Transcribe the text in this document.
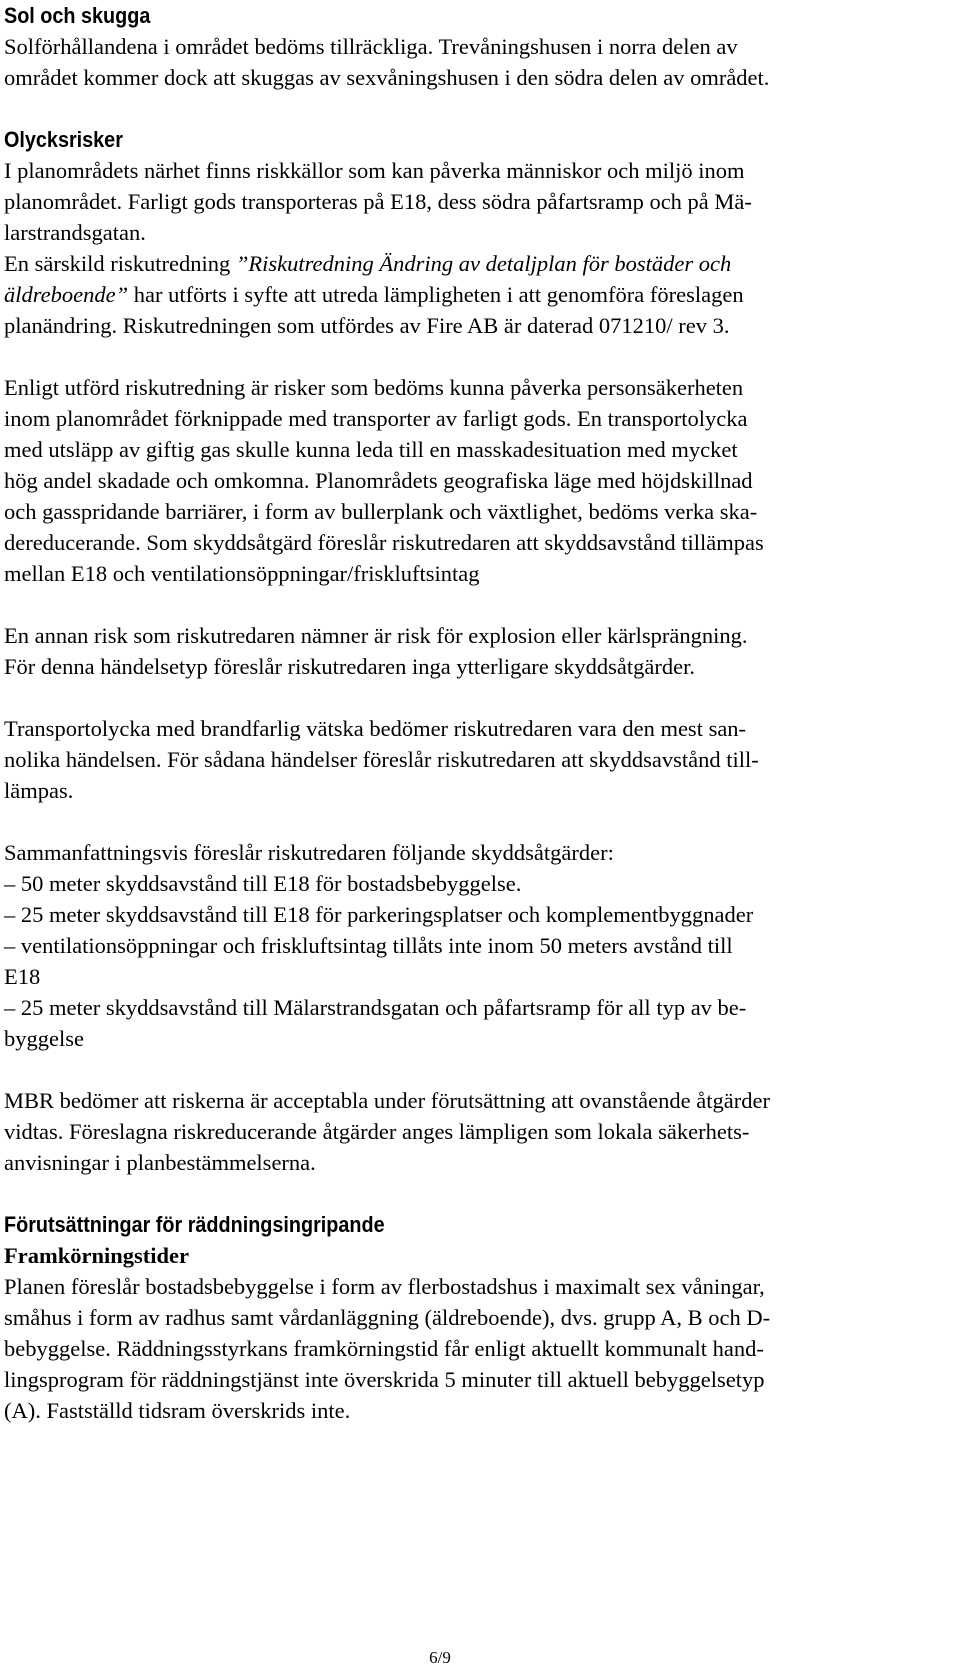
Sol och skugga
Solförhållandena i området bedöms tillräckliga. Trevåningshusen i norra delen av
området kommer dock att skuggas av sexvåningshusen i den södra delen av området.
Olycksrisker
I planområdets närhet finns riskkällor som kan påverka människor och miljö inom
planområdet. Farligt gods transporteras på E18, dess södra påfartsramp och på Mä-
larstrandsgatan.
En särskild riskutredning ”Riskutredning Ändring av detaljplan för bostäder och
äldreboende” har utförts i syfte att utreda lämpligheten i att genomföra föreslagen
planändring. Riskutredningen som utfördes av Fire AB är daterad 071210/ rev 3.
Enligt utförd riskutredning är risker som bedöms kunna påverka personsäkerheten
inom planområdet förknippade med transporter av farligt gods. En transportolycka
med utsläpp av giftig gas skulle kunna leda till en masskadesituation med mycket
hög andel skadade och omkomna. Planområdets geografiska läge med höjdskillnad
och gasspridande barriärer, i form av bullerplank och växtlighet, bedöms verka ska-
dereducerande. Som skyddsåtgärd föreslår riskutredaren att skyddsavstånd tillämpas
mellan E18 och ventilationsöppningar/friskluftsintag
En annan risk som riskutredaren nämner är risk för explosion eller kärlsprängning.
För denna händelsetyp föreslår riskutredaren inga ytterligare skyddsåtgärder.
Transportolycka med brandfarlig vätska bedömer riskutredaren vara den mest san-
nolika händelsen. För sådana händelser föreslår riskutredaren att skyddsavstånd till-
lämpas.
Sammanfattningsvis föreslår riskutredaren följande skyddsåtgärder:
– 50 meter skyddsavstånd till E18 för bostadsbebyggelse.
– 25 meter skyddsavstånd till E18 för parkeringsplatser och komplementbyggnader
– ventilationsöppningar och friskluftsintag tillåts inte inom 50 meters avstånd till
E18
– 25 meter skyddsavstånd till Mälarstrandsgatan och påfartsramp för all typ av be-
byggelse
MBR bedömer att riskerna är acceptabla under förutsättning att ovanstående åtgärder
vidtas. Föreslagna riskreducerande åtgärder anges lämpligen som lokala säkerhets-
anvisningar i planbestämmelserna.
Förutsättningar för räddningsingripande
Framkörningstider
Planen föreslår bostadsbebyggelse i form av flerbostadshus i maximalt sex våningar,
småhus i form av radhus samt vårdanläggning (äldreboende), dvs. grupp A, B och D-
bebyggelse. Räddningsstyrkans framkörningstid får enligt aktuellt kommunalt hand-
lingsprogram för räddningstjänst inte överskrida 5 minuter till aktuell bebyggelsetyp
(A). Fastställd tidsram överskrids inte.
6/9
